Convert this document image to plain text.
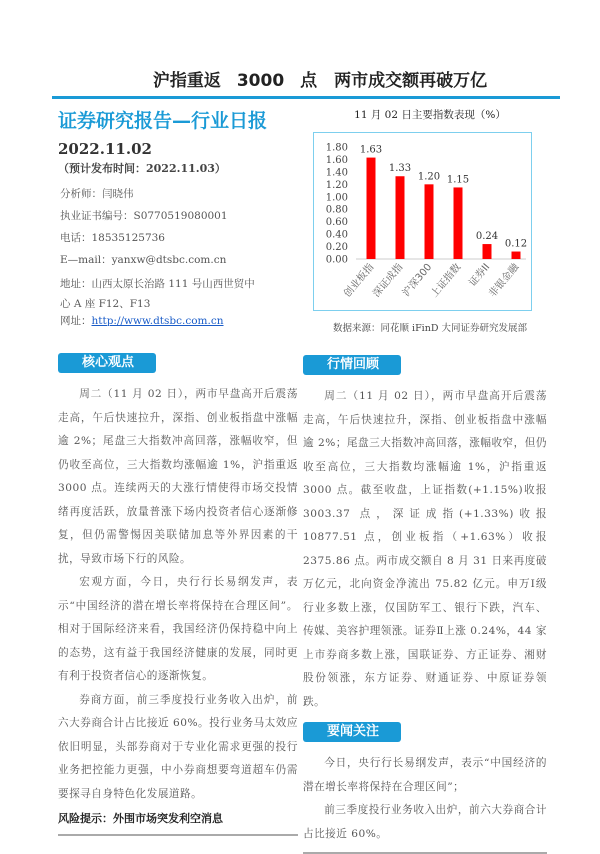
沪指重返 3000 点　两市成交额再破万亿
证券研究报告—行业日报
2022.11.02
（预计发布时间：2022.11.03）
分析师：闫晓伟
执业证书编号：S0770519080001
电话：18535125736
E—mail：yanxw@dtsbc.com.cn
地址：山西太原长治路 111 号山西世贸中心 A 座 F12、F13
网址：http://www.dtsbc.com.cn
11 月 02 日主要指数表现（%）
0.00
0.20
0.40
0.60
0.80
1.00
1.20
1.40
1.60
1.80 1.63
创业板指
1.33
深证成指
1.20
沪深300
1.15
上证指数
0.24
证券II
0.12
非银金融
数据来源：同花顺 iFinD 大同证券研究发展部
核心观点

周二（11 月 02 日），两市早盘高开后震荡走高，午后快速拉升，深指、创业板指盘中涨幅逾 2%；尾盘三大指数冲高回落，涨幅收窄，但仍收至高位，三大指数均涨幅逾 1%，沪指重返 3000 点。连续两天的大涨行情使得市场交投情绪再度活跃，放量普涨下场内投资者信心逐渐修复，但仍需警惕因美联储加息等外界因素的干扰，导致市场下行的风险。

宏观方面，今日，央行行长易纲发声，表示“中国经济的潜在增长率将保持在合理区间”。相对于国际经济来看，我国经济仍保持稳中向上的态势，这有益于我国经济健康的发展，同时更有利于投资者信心的逐渐恢复。

券商方面，前三季度投行业务收入出炉，前六大券商合计占比接近 60%。投行业务马太效应依旧明显，头部券商对于专业化需求更强的投行业务把控能力更强，中小券商想要弯道超车仍需要探寻自身特色化发展道路。

风险提示：外围市场突发利空消息
行情回顾

周二（11 月 02 日），两市早盘高开后震荡走高，午后快速拉升，深指、创业板指盘中涨幅逾 2%；尾盘三大指数冲高回落，涨幅收窄，但仍收至高位，三大指数均涨幅逾 1%，沪指重返 3000 点。截至收盘，上证指数(+1.15%)收报 3003.37 点，深证成指(+1.33%)收报 10877.51 点，创业板指（+1.63%）收报 2375.86 点。两市成交额自 8 月 31 日来再度破万亿元，北向资金净流出 75.82 亿元。申万Ⅰ级行业多数上涨，仅国防军工、银行下跌，汽车、传媒、美容护理领涨。证券Ⅱ上涨 0.24%，44 家上市券商多数上涨，国联证券、方正证券、湘财股份领涨，东方证券、财通证券、中原证券领跌。

要闻关注

今日，央行行长易纲发声，表示“中国经济的潜在增长率将保持在合理区间”；

前三季度投行业务收入出炉，前六大券商合计占比接近 60%。
